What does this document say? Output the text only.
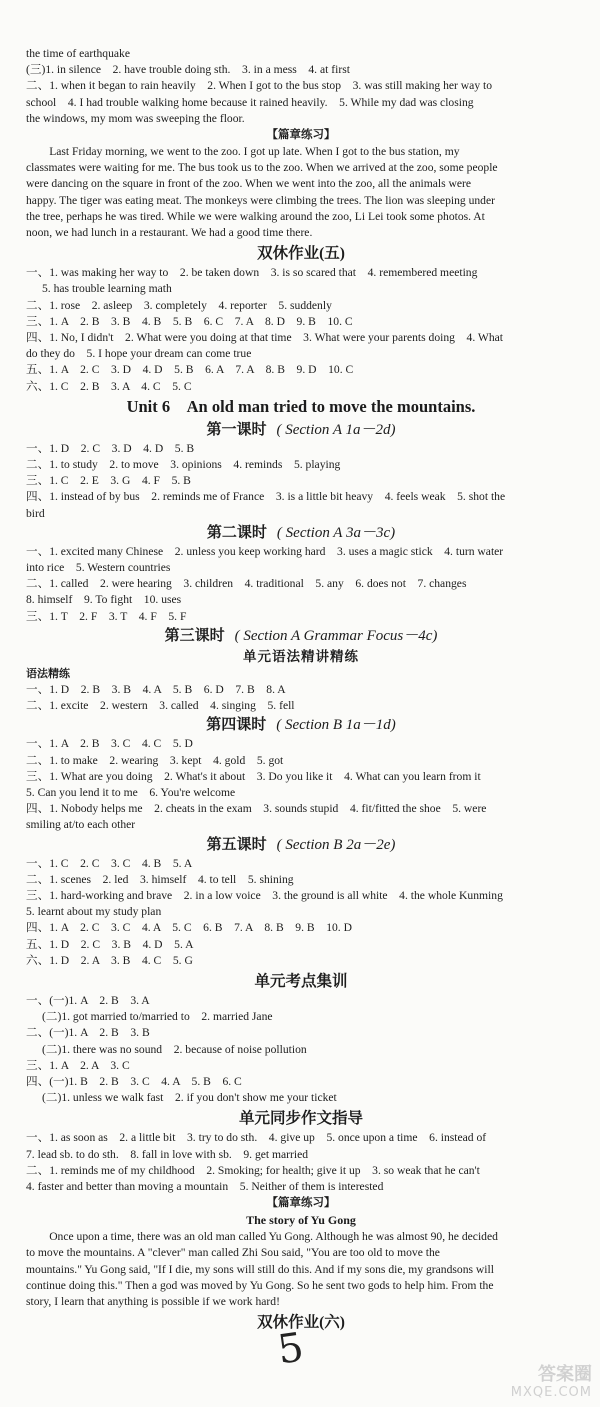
the time of earthquake
(三)1. in silence　2. have trouble doing sth.　3. in a mess　4. at first
二、1. when it began to rain heavily　2. When I got to the bus stop　3. was still making her way to
school　4. I had trouble walking home because it rained heavily.　5. While my dad was closing
the windows, my mom was sweeping the floor.
【篇章练习】
Last Friday morning, we went to the zoo. I got up late. When I got to the bus station, my
classmates were waiting for me. The bus took us to the zoo. When we arrived at the zoo, some people
were dancing on the square in front of the zoo. When we went into the zoo, all the animals were
happy. The tiger was eating meat. The monkeys were climbing the trees. The lion was sleeping under
the tree, perhaps he was tired. While we were walking around the zoo, Li Lei took some photos. At
noon, we had lunch in a restaurant. We had a good time there.
双休作业(五)
一、1. was making her way to　2. be taken down　3. is so scared that　4. remembered meeting
5. has trouble learning math
二、1. rose　2. asleep　3. completely　4. reporter　5. suddenly
三、1. A　2. B　3. B　4. B　5. B　6. C　7. A　8. D　9. B　10. C
四、1. No, I didn't　2. What were you doing at that time　3. What were your parents doing　4. What
do they do　5. I hope your dream can come true
五、1. A　2. C　3. D　4. D　5. B　6. A　7. A　8. B　9. D　10. C
六、1. C　2. B　3. A　4. C　5. C
Unit 6　An old man tried to move the mountains.
第一课时 ( Section A 1a－2d)
一、1. D　2. C　3. D　4. D　5. B
二、1. to study　2. to move　3. opinions　4. reminds　5. playing
三、1. C　2. E　3. G　4. F　5. B
四、1. instead of by bus　2. reminds me of France　3. is a little bit heavy　4. feels weak　5. shot the
bird
第二课时 ( Section A 3a－3c)
一、1. excited many Chinese　2. unless you keep working hard　3. uses a magic stick　4. turn water
into rice　5. Western countries
二、1. called　2. were hearing　3. children　4. traditional　5. any　6. does not　7. changes
8. himself　9. To fight　10. uses
三、1. T　2. F　3. T　4. F　5. F
第三课时 ( Section A Grammar Focus－4c)
单元语法精讲精练
语法精练
一、1. D　2. B　3. B　4. A　5. B　6. D　7. B　8. A
二、1. excite　2. western　3. called　4. singing　5. fell
第四课时 ( Section B 1a－1d)
一、1. A　2. B　3. C　4. C　5. D
二、1. to make　2. wearing　3. kept　4. gold　5. got
三、1. What are you doing　2. What's it about　3. Do you like it　4. What can you learn from it
5. Can you lend it to me　6. You're welcome
四、1. Nobody helps me　2. cheats in the exam　3. sounds stupid　4. fit/fitted the shoe　5. were
smiling at/to each other
第五课时 ( Section B 2a－2e)
一、1. C　2. C　3. C　4. B　5. A
二、1. scenes　2. led　3. himself　4. to tell　5. shining
三、1. hard-working and brave　2. in a low voice　3. the ground is all white　4. the whole Kunming
5. learnt about my study plan
四、1. A　2. C　3. C　4. A　5. C　6. B　7. A　8. B　9. B　10. D
五、1. D　2. C　3. B　4. D　5. A
六、1. D　2. A　3. B　4. C　5. G
单元考点集训
一、(一)1. A　2. B　3. A
(二)1. got married to/married to　2. married Jane
二、(一)1. A　2. B　3. B
(二)1. there was no sound　2. because of noise pollution
三、1. A　2. A　3. C
四、(一)1. B　2. B　3. C　4. A　5. B　6. C
(二)1. unless we walk fast　2. if you don't show me your ticket
单元同步作文指导
一、1. as soon as　2. a little bit　3. try to do sth.　4. give up　5. once upon a time　6. instead of
7. lead sb. to do sth.　8. fall in love with sb.　9. get married
二、1. reminds me of my childhood　2. Smoking; for health; give it up　3. so weak that he can't
4. faster and better than moving a mountain　5. Neither of them is interested
【篇章练习】
The story of Yu Gong
Once upon a time, there was an old man called Yu Gong. Although he was almost 90, he decided
to move the mountains. A "clever" man called Zhi Sou said, "You are too old to move the
mountains." Yu Gong said, "If I die, my sons will still do this. And if my sons die, my grandsons will
continue doing this." Then a god was moved by Yu Gong. So he sent two gods to help him. From the
story, I learn that anything is possible if we work hard!
双休作业(六)
5
答案圈
MXQE.COM
